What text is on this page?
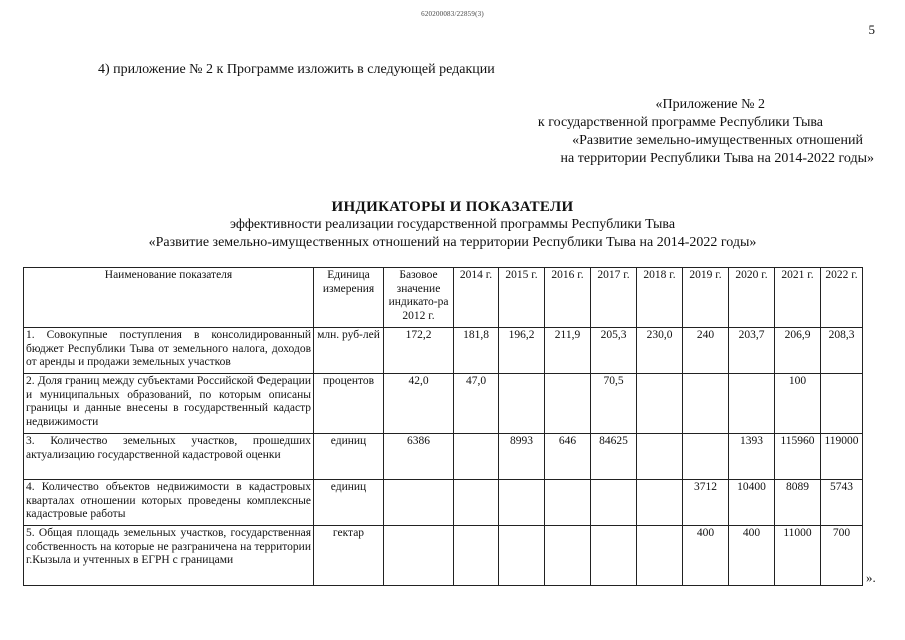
620200083/22859(3)
5
4) приложение № 2 к Программе изложить в следующей редакции
«Приложение № 2
к государственной программе Республики Тыва
«Развитие земельно-имущественных отношений
на территории Республики Тыва на 2014-2022 годы»
ИНДИКАТОРЫ И ПОКАЗАТЕЛИ
эффективности реализации государственной программы Республики Тыва
«Развитие земельно-имущественных отношений на территории Республики Тыва на 2014-2022 годы»
Наименование показателя	Единица измерения	Базовое значение индикато-ра 2012 г.	2014 г.	2015 г.	2016 г.	2017 г.	2018 г.	2019 г.	2020 г.	2021 г.	2022 г.
1. Совокупные поступления в консолидированный бюджет Республики Тыва от земельного налога, доходов от аренды и продажи земельных участков	млн. руб-лей	172,2	181,8	196,2	211,9	205,3	230,0	240	203,7	206,9	208,3
2. Доля границ между субъектами Российской Федерации и муниципальных образований, по которым описаны границы и данные внесены в государственный кадастр недвижимости	процентов	42,0	47,0			70,5				100	
3. Количество земельных участков, прошедших актуализацию государственной кадастровой оценки	единиц	6386		8993	646	84625			1393	115960	119000
4. Количество объектов недвижимости в кадастровых кварталах отношении которых проведены комплексные кадастровые работы	единиц							3712	10400	8089	5743
5. Общая площадь земельных участков, государственная собственность на которые не разграничена на территории г.Кызыла и учтенных в ЕГРН с границами	гектар							400	400	11000	700
».
